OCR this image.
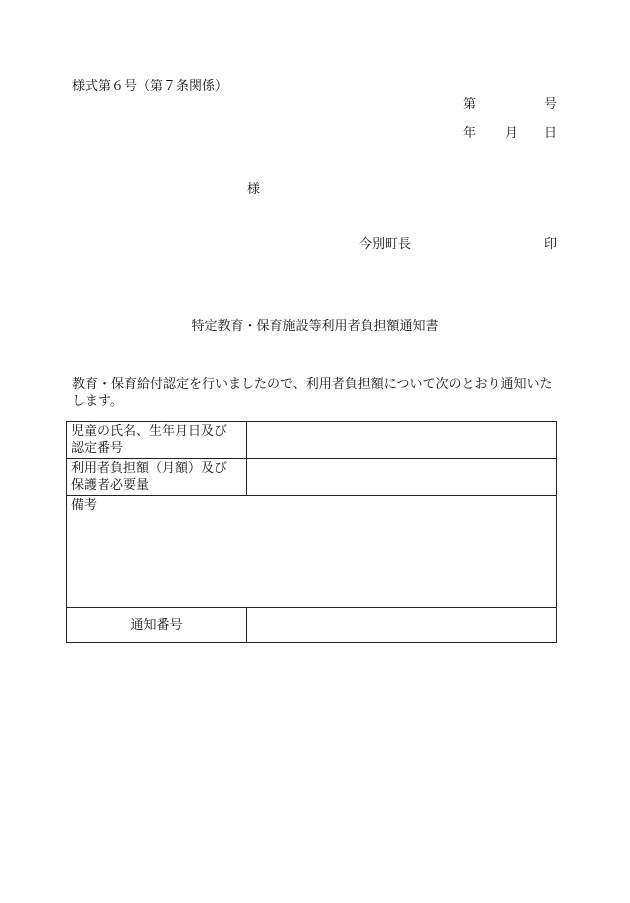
様式第６号（第７条関係）
第	号
年 月 日
様
今別町長	印
特定教育・保育施設等利用者負担額通知書
教育・保育給付認定を行いましたので、利用者負担額について次のとおり通知いたします。
児童の氏名、生年月日及び
認定番号	

利用者負担額（月額）及び
保護者必要量	

備考	

通知番号	
